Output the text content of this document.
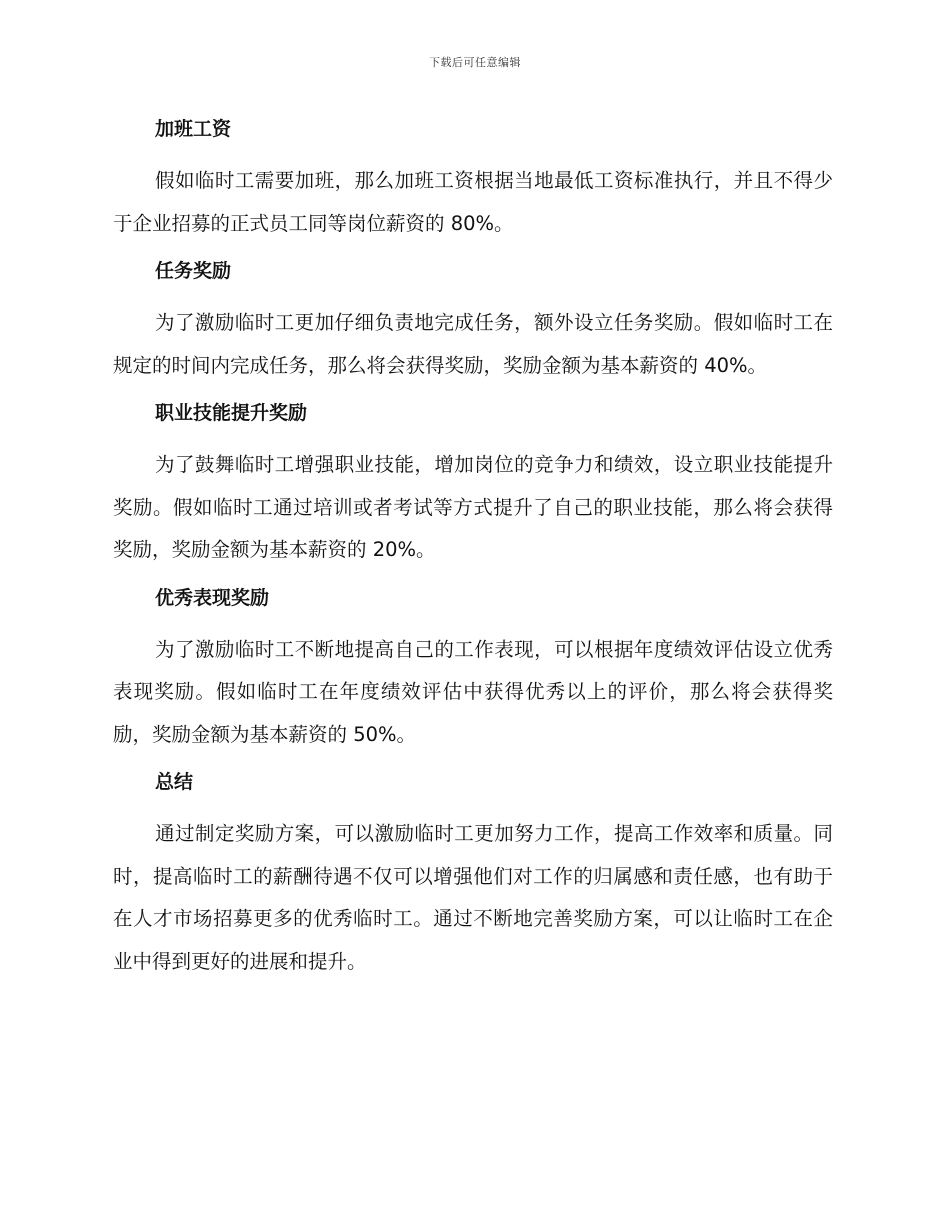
下载后可任意编辑
加班工资

假如临时工需要加班，那么加班工资根据当地最低工资标准执行，并且不得少于企业招募的正式员工同等岗位薪资的 80%。

任务奖励

为了激励临时工更加仔细负责地完成任务，额外设立任务奖励。假如临时工在规定的时间内完成任务，那么将会获得奖励，奖励金额为基本薪资的 40%。

职业技能提升奖励

为了鼓舞临时工增强职业技能，增加岗位的竞争力和绩效，设立职业技能提升奖励。假如临时工通过培训或者考试等方式提升了自己的职业技能，那么将会获得奖励，奖励金额为基本薪资的 20%。

优秀表现奖励

为了激励临时工不断地提高自己的工作表现，可以根据年度绩效评估设立优秀表现奖励。假如临时工在年度绩效评估中获得优秀以上的评价，那么将会获得奖励，奖励金额为基本薪资的 50%。

总结

通过制定奖励方案，可以激励临时工更加努力工作，提高工作效率和质量。同时，提高临时工的薪酬待遇不仅可以增强他们对工作的归属感和责任感，也有助于在人才市场招募更多的优秀临时工。通过不断地完善奖励方案，可以让临时工在企业中得到更好的进展和提升。
